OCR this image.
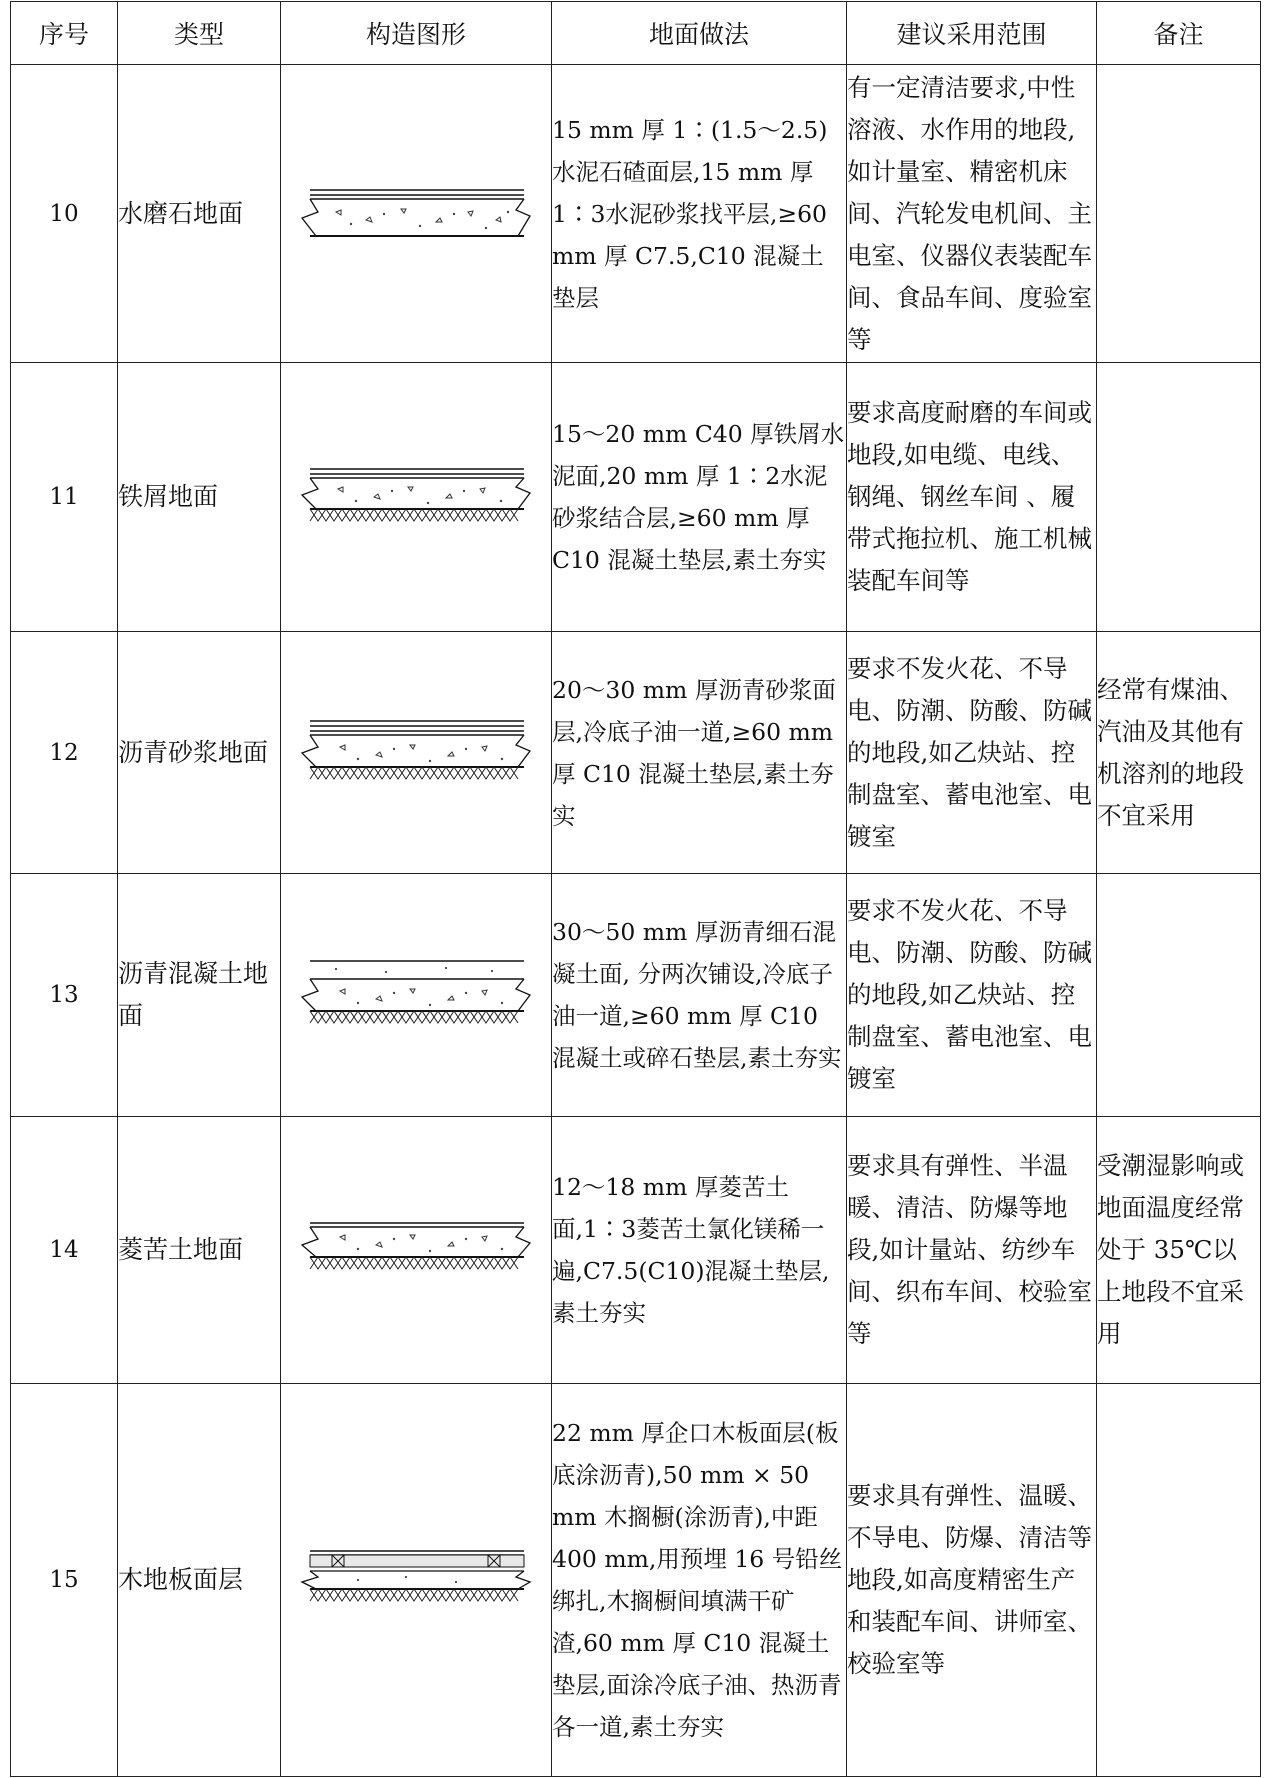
序号	类型	构造图形	地面做法	建议采用范围	备注
10	水磨石地面		15 mm 厚 1∶(1.5～2.5) 水泥石碴面层,15 mm 厚 1∶3水泥砂浆找平层,≥60 mm 厚 C7.5,C10 混凝土垫层	有一定清洁要求,中性溶液、水作用的地段,如计量室、精密机床间、汽轮发电机间、主电室、仪器仪表装配车间、食品车间、度验室等	
11	铁屑地面		15～20 mm C40 厚铁屑水泥面,20 mm 厚 1∶2水泥砂浆结合层,≥60 mm 厚 C10 混凝土垫层,素土夯实	要求高度耐磨的车间或地段,如电缆、电线、钢绳、钢丝车间 、履带式拖拉机、施工机械装配车间等	
12	沥青砂浆地面		20～30 mm 厚沥青砂浆面层,冷底子油一道,≥60 mm 厚 C10 混凝土垫层,素土夯实	要求不发火花、不导电、防潮、防酸、防碱的地段,如乙炔站、控制盘室、蓄电池室、电镀室	经常有煤油、汽油及其他有机溶剂的地段不宜采用
13	沥青混凝土地面		30～50 mm 厚沥青细石混凝土面, 分两次铺设,冷底子油一道,≥60 mm 厚 C10 混凝土或碎石垫层,素土夯实	要求不发火花、不导电、防潮、防酸、防碱的地段,如乙炔站、控制盘室、蓄电池室、电镀室	
14	菱苦土地面		12～18 mm 厚菱苦土面,1∶3菱苦土氯化镁稀一遍,C7.5(C10)混凝土垫层,素土夯实	要求具有弹性、半温暖、清洁、防爆等地段,如计量站、纺纱车间、织布车间、校验室等	受潮湿影响或地面温度经常处于 35℃以上地段不宜采用
15	木地板面层		22 mm 厚企口木板面层(板底涂沥青),50 mm × 50 mm 木搁橱(涂沥青),中距 400 mm,用预埋 16 号铅丝绑扎,木搁橱间填满干矿渣,60 mm 厚 C10 混凝土垫层,面涂冷底子油、热沥青各一道,素土夯实	要求具有弹性、温暖、不导电、防爆、清洁等地段,如高度精密生产和装配车间、讲师室、校验室等	
